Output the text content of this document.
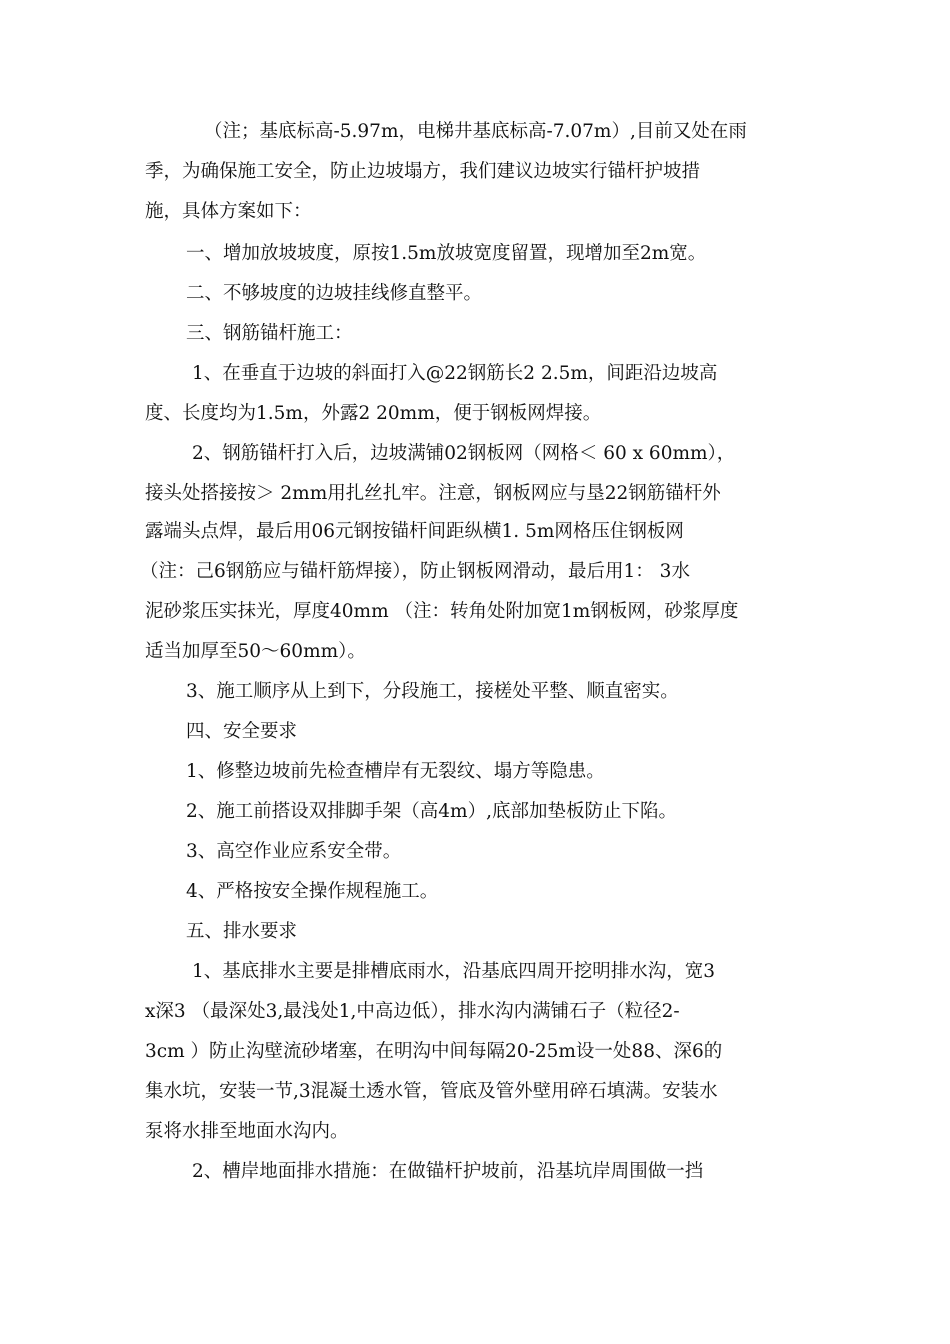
（注；基底标高-5.97m，电梯井基底标高-7.07m）,目前又处在雨
季，为确保施工安全，防止边坡塌方，我们建议边坡实行锚杆护坡措
施，具体方案如下：
一、增加放坡坡度，原按1.5m放坡宽度留置，现增加至2m宽。
二、不够坡度的边坡挂线修直整平。
三、钢筋锚杆施工：
1、在垂直于边坡的斜面打入@22钢筋长2 2.5m，间距沿边坡高
度、长度均为1.5m，外露2 20mm，便于钢板网焊接。
2、钢筋锚杆打入后，边坡满铺02钢板网（网格＜ 60 x 60mm），
接头处搭接按＞ 2mm用扎丝扎牢。注意，钢板网应与垦22钢筋锚杆外
露端头点焊，最后用06元钢按锚杆间距纵横1. 5m网格压住钢板网
（注：己6钢筋应与锚杆筋焊接），防止钢板网滑动，最后用1： 3水
泥砂浆压实抹光，厚度40mm （注：转角处附加宽1m钢板网，砂浆厚度
适当加厚至50〜60mm）。
3、施工顺序从上到下，分段施工，接槎处平整、顺直密实。
四、安全要求
1、修整边坡前先检查槽岸有无裂纹、塌方等隐患。
2、施工前搭设双排脚手架（高4m）,底部加垫板防止下陷。
3、高空作业应系安全带。
4、严格按安全操作规程施工。
五、排水要求
1、基底排水主要是排槽底雨水，沿基底四周开挖明排水沟，宽3
x深3 （最深处3,最浅处1,中高边低），排水沟内满铺石子（粒径2-
3cm ）防止沟壁流砂堵塞，在明沟中间每隔20-25m设一处88、深6的
集水坑，安装一节,3混凝土透水管，管底及管外壁用碎石填满。安装水
泵将水排至地面水沟内。
2、槽岸地面排水措施：在做锚杆护坡前，沿基坑岸周围做一挡
